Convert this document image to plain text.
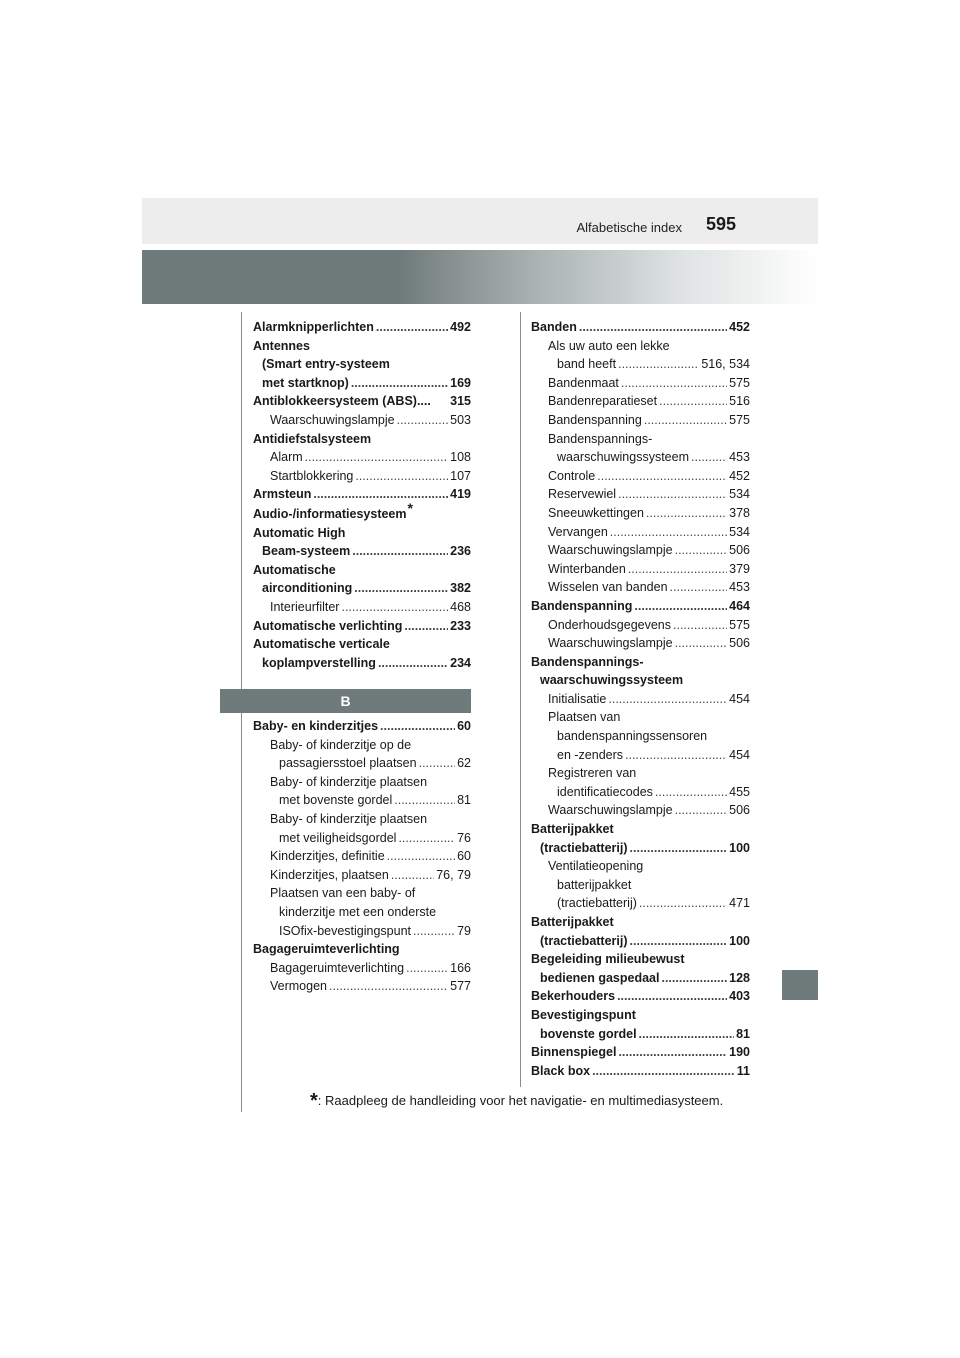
Alfabetische index 595
Alarmknipperlichten .....	492
Antennes
(Smart entry-systeem
met startknop) .....	169
Antiblokkeersysteem (ABS).... 315
Waarschuwingslampje .....	503
Antidiefstalsysteem
Alarm .....	108
Startblokkering .....	107
Armsteun .....	419
Audio-/informatiesysteem*
Automatic High
Beam-systeem .....	236
Automatische
airconditioning .....	382
Interieurfilter .....	468
Automatische verlichting .....	233
Automatische verticale
koplampverstelling .....	234
B
Baby- en kinderzitjes .....	60
Baby- of kinderzitje op de
passagiersstoel plaatsen .....	62
Baby- of kinderzitje plaatsen
met bovenste gordel .....	81
Baby- of kinderzitje plaatsen
met veiligheidsgordel .....	76
Kinderzitjes, definitie .....	60
Kinderzitjes, plaatsen .....	76, 79
Plaatsen van een baby- of
kinderzitje met een onderste
ISOfix-bevestigingspunt .....	79
Bagageruimteverlichting
Bagageruimteverlichting .....	166
Vermogen .....	577
Banden .....	452
Als uw auto een lekke
band heeft .....	516, 534
Bandenmaat .....	575
Bandenreparatieset .....	516
Bandenspanning .....	575
Bandenspannings-
waarschuwingssysteem .....	453
Controle .....	452
Reservewiel .....	534
Sneeuwkettingen .....	378
Vervangen .....	534
Waarschuwingslampje .....	506
Winterbanden .....	379
Wisselen van banden .....	453
Bandenspanning .....	464
Onderhoudsgegevens .....	575
Waarschuwingslampje .....	506
Bandenspannings-
waarschuwingssysteem
Initialisatie .....	454
Plaatsen van
bandenspanningssensoren
en -zenders .....	454
Registreren van
identificatiecodes .....	455
Waarschuwingslampje .....	506
Batterijpakket
(tractiebatterij) .....	100
Ventilatieopening
batterijpakket
(tractiebatterij) .....	471
Batterijpakket
(tractiebatterij) .....	100
Begeleiding milieubewust
bedienen gaspedaal .....	128
Bekerhouders .....	403
Bevestigingspunt
bovenste gordel .....	81
Binnenspiegel .....	190
Black box .....	11
*: Raadpleeg de handleiding voor het navigatie- en multimediasysteem.
